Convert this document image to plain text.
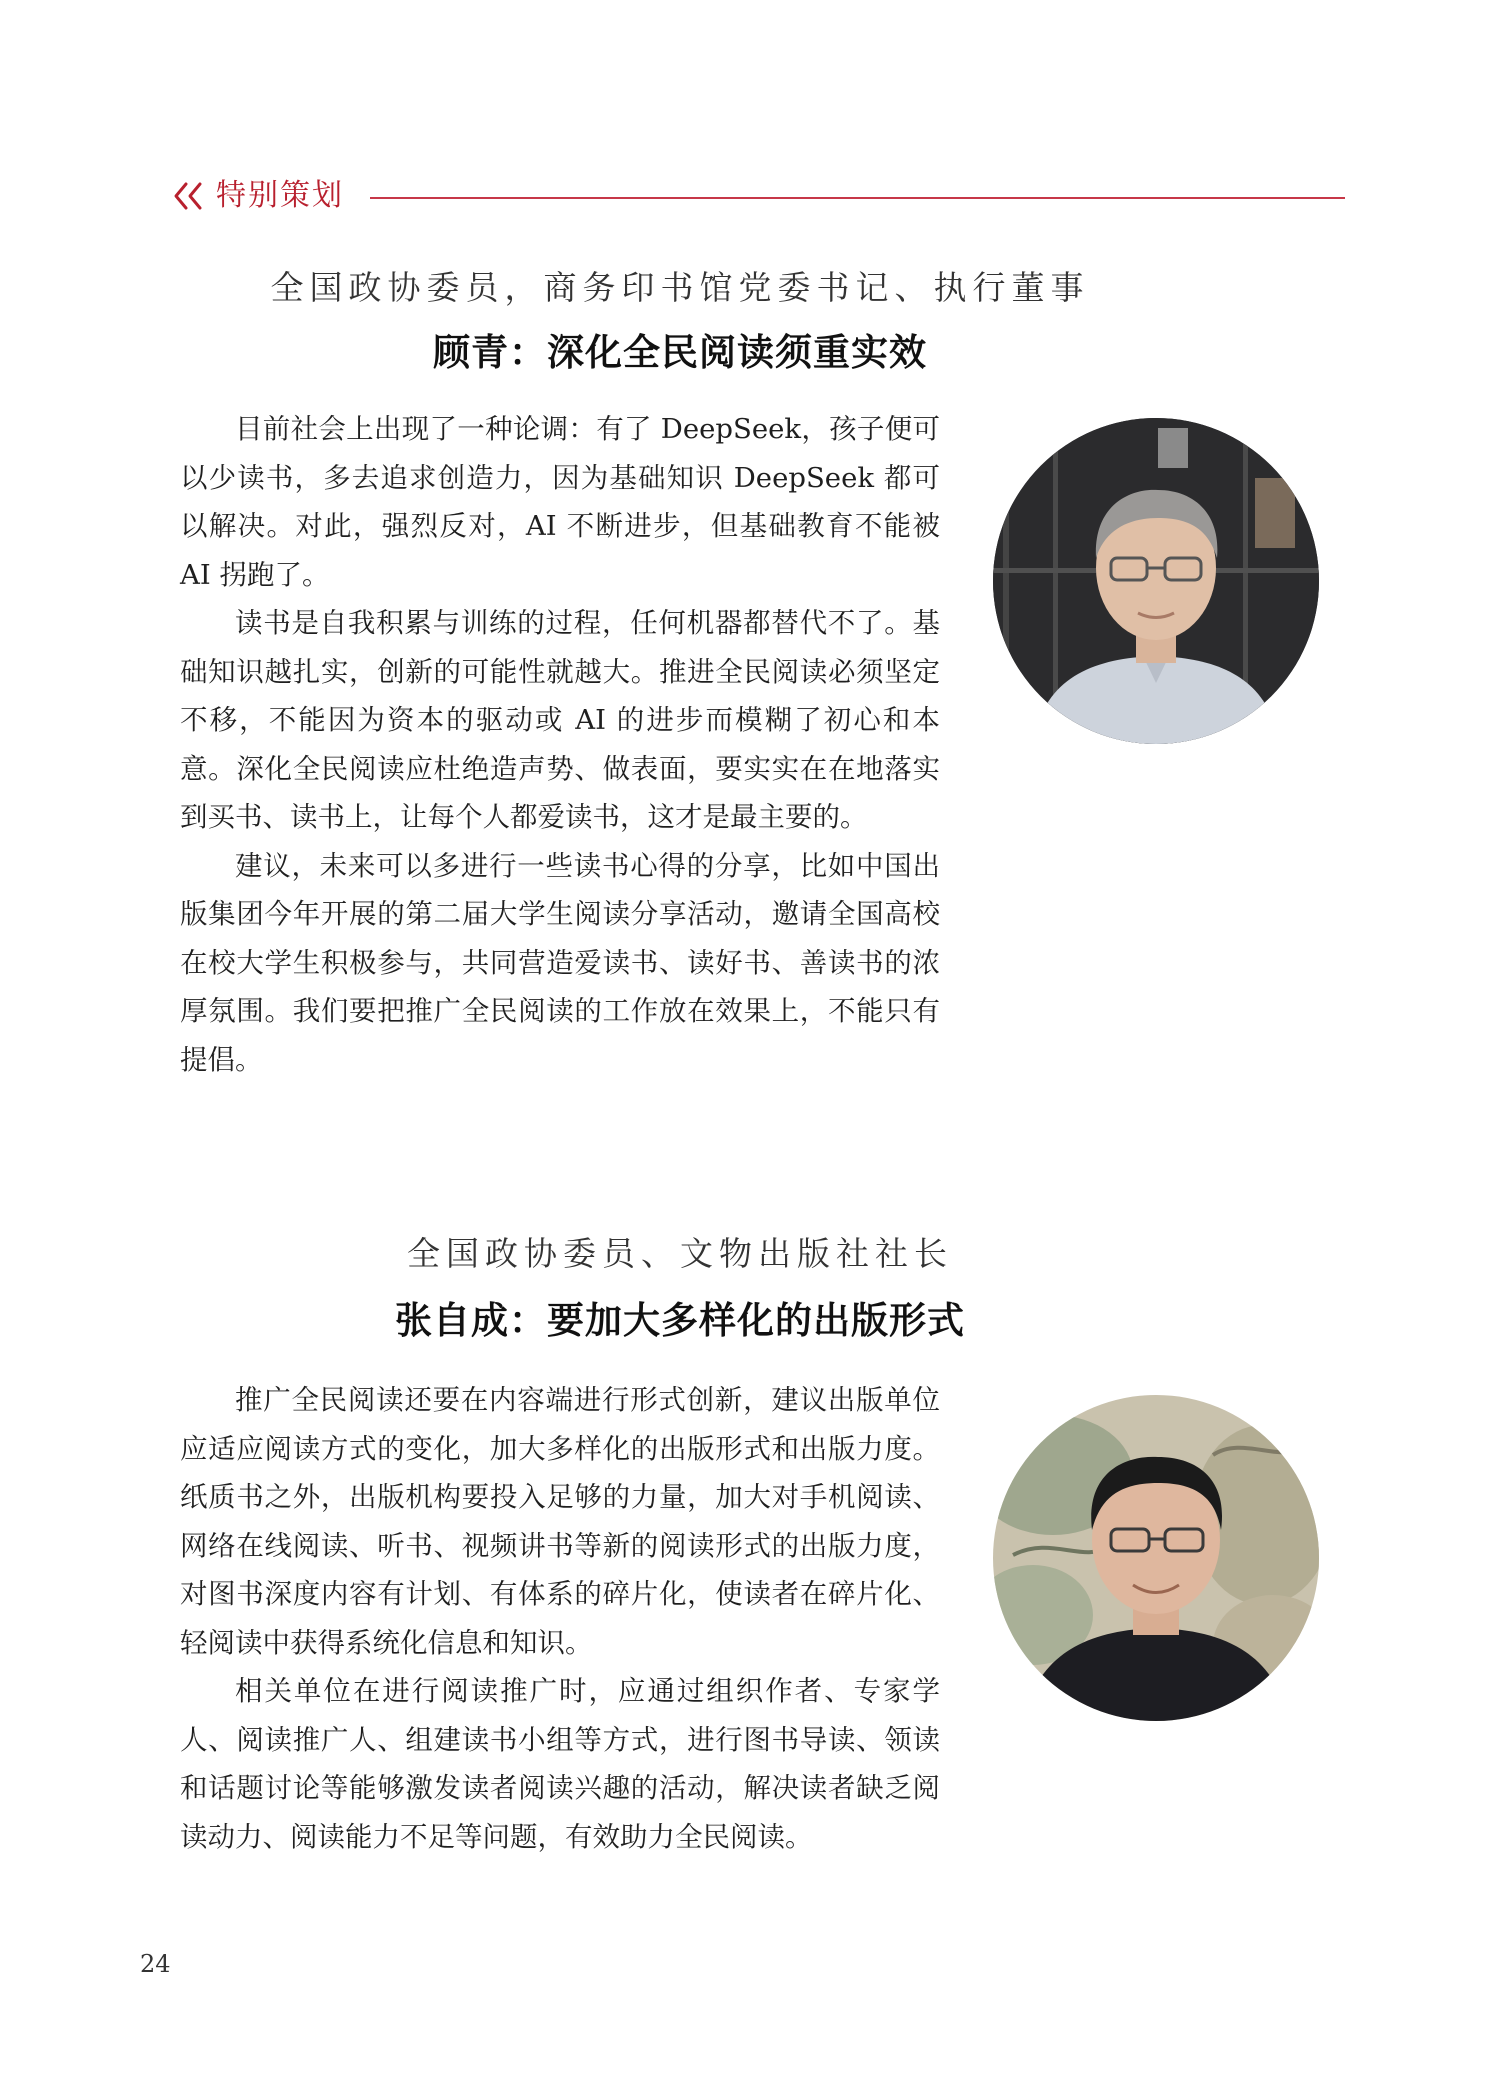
特别策划
全国政协委员，商务印书馆党委书记、执行董事
顾青：深化全民阅读须重实效

目前社会上出现了一种论调：有了 DeepSeek，孩子便可以少读书，多去追求创造力，因为基础知识 DeepSeek 都可以解决。对此，强烈反对，AI 不断进步，但基础教育不能被 AI 拐跑了。

读书是自我积累与训练的过程，任何机器都替代不了。基础知识越扎实，创新的可能性就越大。推进全民阅读必须坚定不移，不能因为资本的驱动或 AI 的进步而模糊了初心和本意。深化全民阅读应杜绝造声势、做表面，要实实在在地落实到买书、读书上，让每个人都爱读书，这才是最主要的。

建议，未来可以多进行一些读书心得的分享，比如中国出版集团今年开展的第二届大学生阅读分享活动，邀请全国高校在校大学生积极参与，共同营造爱读书、读好书、善读书的浓厚氛围。我们要把推广全民阅读的工作放在效果上，不能只有提倡。

全国政协委员、文物出版社社长
张自成：要加大多样化的出版形式

推广全民阅读还要在内容端进行形式创新，建议出版单位应适应阅读方式的变化，加大多样化的出版形式和出版力度。纸质书之外，出版机构要投入足够的力量，加大对手机阅读、网络在线阅读、听书、视频讲书等新的阅读形式的出版力度，对图书深度内容有计划、有体系的碎片化，使读者在碎片化、轻阅读中获得系统化信息和知识。

相关单位在进行阅读推广时，应通过组织作者、专家学人、阅读推广人、组建读书小组等方式，进行图书导读、领读和话题讨论等能够激发读者阅读兴趣的活动，解决读者缺乏阅读动力、阅读能力不足等问题，有效助力全民阅读。

24
